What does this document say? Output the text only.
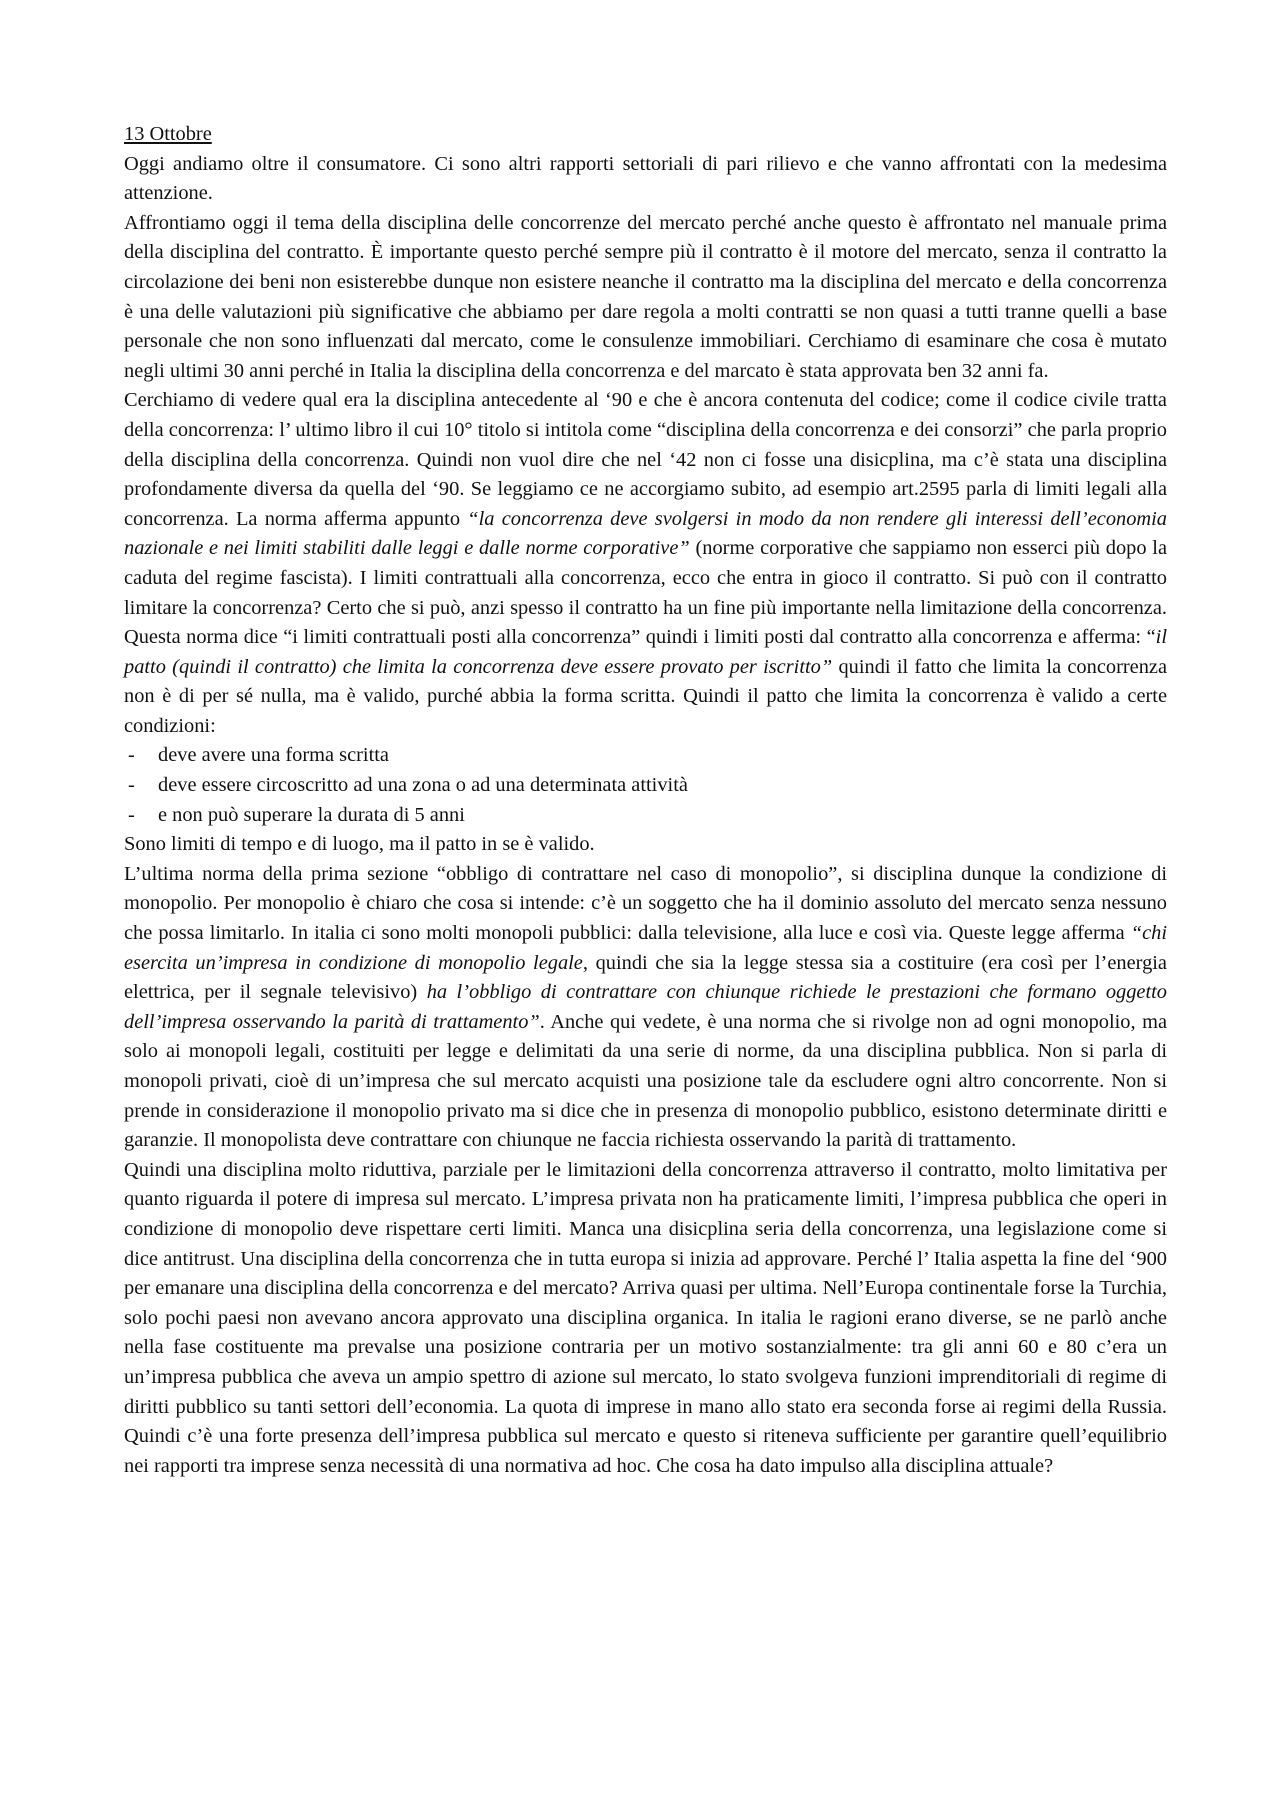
13 Ottobre

Oggi andiamo oltre il consumatore. Ci sono altri rapporti settoriali di pari rilievo e che vanno affrontati con la medesima attenzione.

Affrontiamo oggi il tema della disciplina delle concorrenze del mercato perché anche questo è affrontato nel manuale prima della disciplina del contratto. È importante questo perché sempre più il contratto è il motore del mercato, senza il contratto la circolazione dei beni non esisterebbe dunque non esistere neanche il contratto ma la disciplina del mercato e della concorrenza è una delle valutazioni più significative che abbiamo per dare regola a molti contratti se non quasi a tutti tranne quelli a base personale che non sono influenzati dal mercato, come le consulenze immobiliari. Cerchiamo di esaminare che cosa è mutato negli ultimi 30 anni perché in Italia la disciplina della concorrenza e del marcato è stata approvata ben 32 anni fa.

Cerchiamo di vedere qual era la disciplina antecedente al ‘90 e che è ancora contenuta del codice; come il codice civile tratta della concorrenza: l’ ultimo libro il cui 10° titolo si intitola come “disciplina della concorrenza e dei consorzi” che parla proprio della disciplina della concorrenza. Quindi non vuol dire che nel ‘42 non ci fosse una disicplina, ma c’è stata una disciplina profondamente diversa da quella del ‘90. Se leggiamo ce ne accorgiamo subito, ad esempio art.2595 parla di limiti legali alla concorrenza. La norma afferma appunto “la concorrenza deve svolgersi in modo da non rendere gli interessi dell’economia nazionale e nei limiti stabiliti dalle leggi e dalle norme corporative” (norme corporative che sappiamo non esserci più dopo la caduta del regime fascista). I limiti contrattuali alla concorrenza, ecco che entra in gioco il contratto. Si può con il contratto limitare la concorrenza? Certo che si può, anzi spesso il contratto ha un fine più importante nella limitazione della concorrenza. Questa norma dice “i limiti contrattuali posti alla concorrenza” quindi i limiti posti dal contratto alla concorrenza e afferma: “il patto (quindi il contratto) che limita la concorrenza deve essere provato per iscritto” quindi il fatto che limita la concorrenza non è di per sé nulla, ma è valido, purché abbia la forma scritta. Quindi il patto che limita la concorrenza è valido a certe condizioni:

- deve avere una forma scritta
- deve essere circoscritto ad una zona o ad una determinata attività
- e non può superare la durata di 5 anni

Sono limiti di tempo e di luogo, ma il patto in se è valido.

L’ultima norma della prima sezione “obbligo di contrattare nel caso di monopolio”, si disciplina dunque la condizione di monopolio. Per monopolio è chiaro che cosa si intende: c’è un soggetto che ha il dominio assoluto del mercato senza nessuno che possa limitarlo. In italia ci sono molti monopoli pubblici: dalla televisione, alla luce e così via. Queste legge afferma “chi esercita un’impresa in condizione di monopolio legale, quindi che sia la legge stessa sia a costituire (era così per l’energia elettrica, per il segnale televisivo) ha l’obbligo di contrattare con chiunque richiede le prestazioni che formano oggetto dell’impresa osservando la parità di trattamento”. Anche qui vedete, è una norma che si rivolge non ad ogni monopolio, ma solo ai monopoli legali, costituiti per legge e delimitati da una serie di norme, da una disciplina pubblica. Non si parla di monopoli privati, cioè di un’impresa che sul mercato acquisti una posizione tale da escludere ogni altro concorrente. Non si prende in considerazione il monopolio privato ma si dice che in presenza di monopolio pubblico, esistono determinate diritti e garanzie. Il monopolista deve contrattare con chiunque ne faccia richiesta osservando la parità di trattamento.

Quindi una disciplina molto riduttiva, parziale per le limitazioni della concorrenza attraverso il contratto, molto limitativa per quanto riguarda il potere di impresa sul mercato. L’impresa privata non ha praticamente limiti, l’impresa pubblica che operi in condizione di monopolio deve rispettare certi limiti. Manca una disicplina seria della concorrenza, una legislazione come si dice antitrust. Una disciplina della concorrenza che in tutta europa si inizia ad approvare. Perché l’ Italia aspetta la fine del ‘900 per emanare una disciplina della concorrenza e del mercato? Arriva quasi per ultima. Nell’Europa continentale forse la Turchia, solo pochi paesi non avevano ancora approvato una disciplina organica. In italia le ragioni erano diverse, se ne parlò anche nella fase costituente ma prevalse una posizione contraria per un motivo sostanzialmente: tra gli anni 60 e 80 c’era un un’impresa pubblica che aveva un ampio spettro di azione sul mercato, lo stato svolgeva funzioni imprenditoriali di regime di diritti pubblico su tanti settori dell’economia. La quota di imprese in mano allo stato era seconda forse ai regimi della Russia. Quindi c’è una forte presenza dell’impresa pubblica sul mercato e questo si riteneva sufficiente per garantire quell’equilibrio nei rapporti tra imprese senza necessità di una normativa ad hoc. Che cosa ha dato impulso alla disciplina attuale?
